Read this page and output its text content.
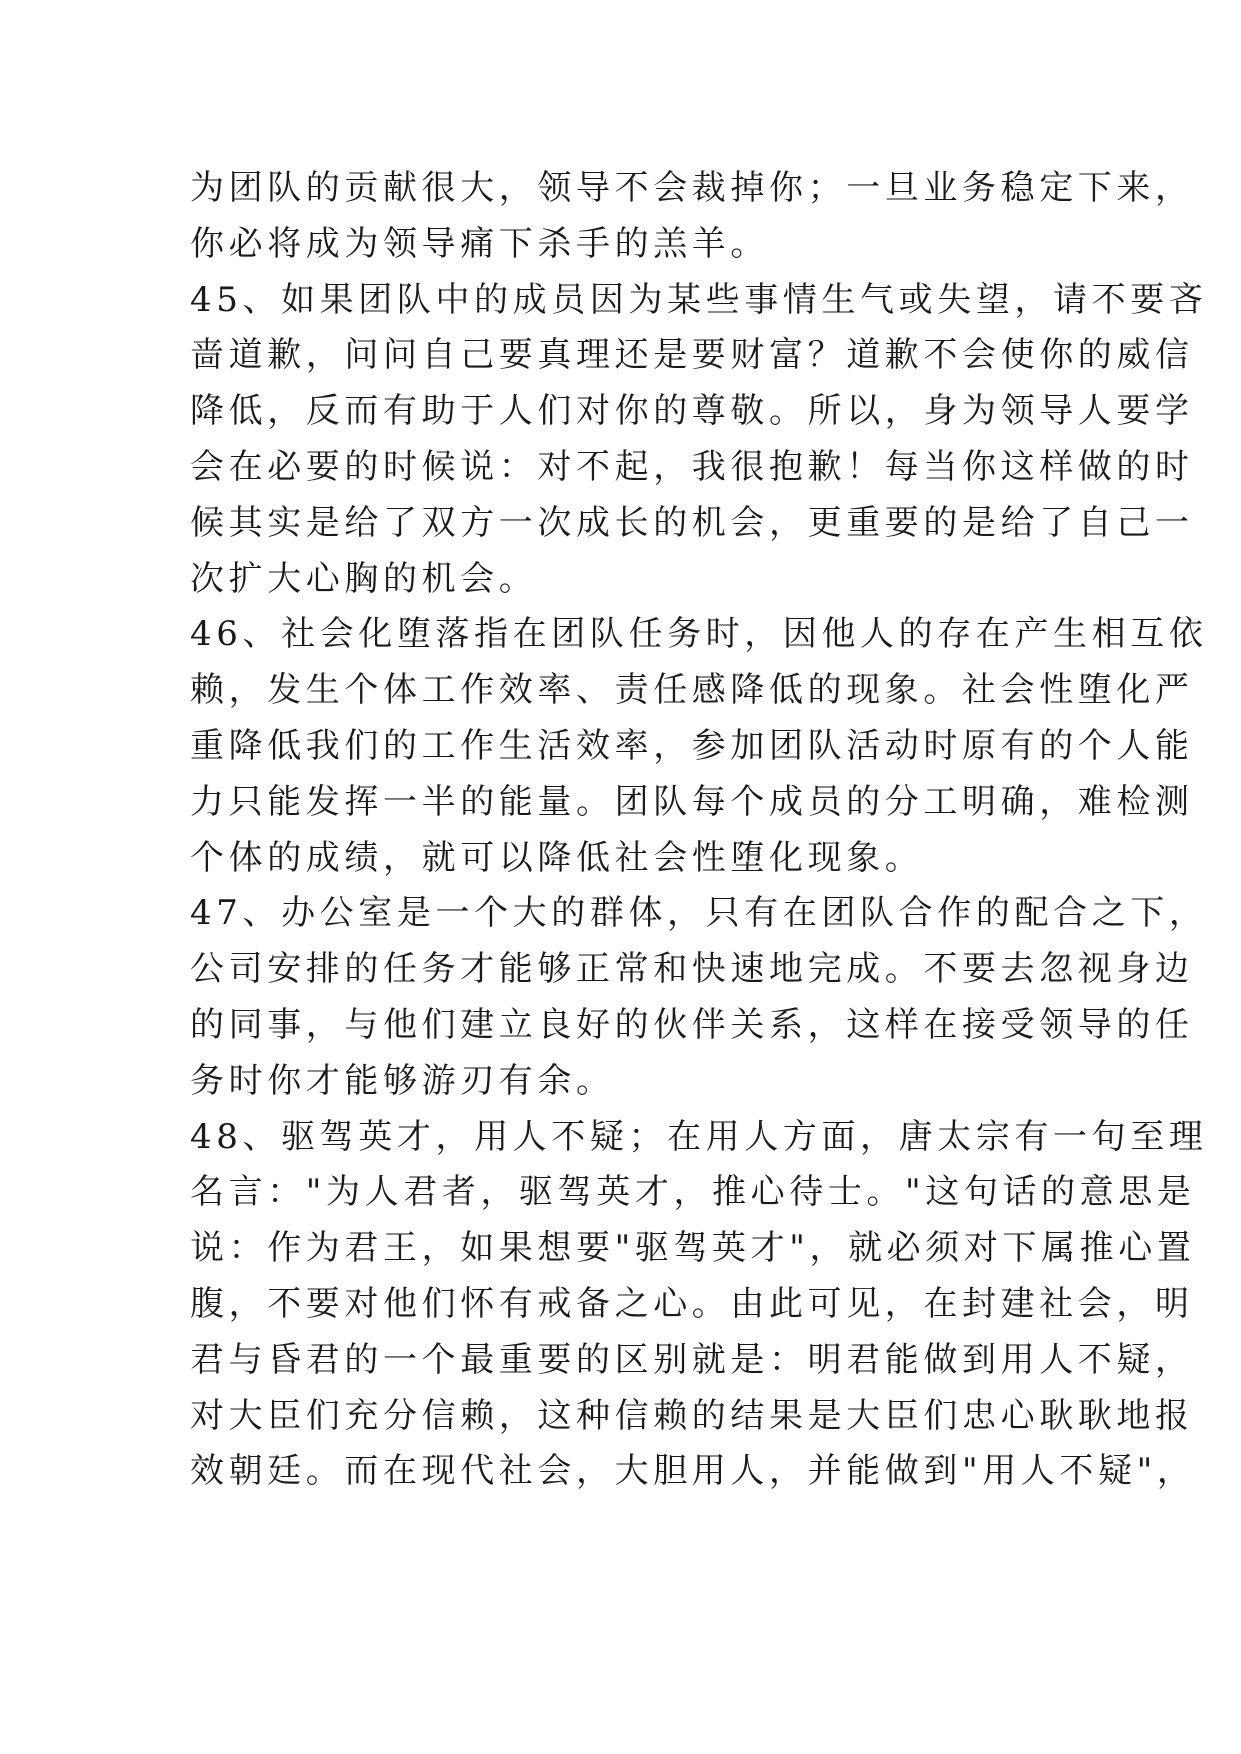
为团队的贡献很大，领导不会裁掉你；一旦业务稳定下来，
你必将成为领导痛下杀手的羔羊。
45、如果团队中的成员因为某些事情生气或失望，请不要吝
啬道歉，问问自己要真理还是要财富？道歉不会使你的威信
降低，反而有助于人们对你的尊敬。所以，身为领导人要学
会在必要的时候说：对不起，我很抱歉！每当你这样做的时
候其实是给了双方一次成长的机会，更重要的是给了自己一
次扩大心胸的机会。
46、社会化堕落指在团队任务时，因他人的存在产生相互依
赖，发生个体工作效率、责任感降低的现象。社会性堕化严
重降低我们的工作生活效率，参加团队活动时原有的个人能
力只能发挥一半的能量。团队每个成员的分工明确，难检测
个体的成绩，就可以降低社会性堕化现象。
47、办公室是一个大的群体，只有在团队合作的配合之下，
公司安排的任务才能够正常和快速地完成。不要去忽视身边
的同事，与他们建立良好的伙伴关系，这样在接受领导的任
务时你才能够游刃有余。
48、驱驾英才，用人不疑；在用人方面，唐太宗有一句至理
名言："为人君者，驱驾英才，推心待士。"这句话的意思是
说：作为君王，如果想要"驱驾英才"，就必须对下属推心置
腹，不要对他们怀有戒备之心。由此可见，在封建社会，明
君与昏君的一个最重要的区别就是：明君能做到用人不疑，
对大臣们充分信赖，这种信赖的结果是大臣们忠心耿耿地报
效朝廷。而在现代社会，大胆用人，并能做到"用人不疑"，
